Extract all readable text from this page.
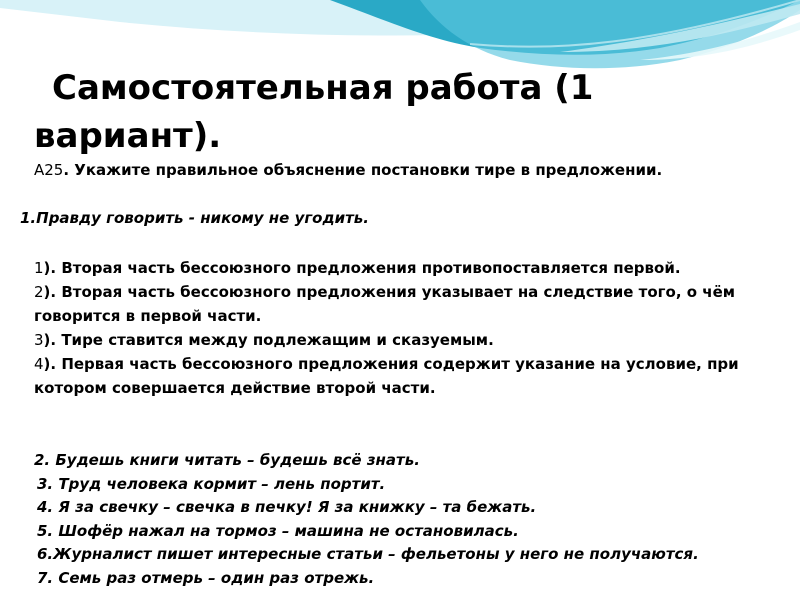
Самостоятельная работа (1
вариант).

А25. Укажите правильное объяснение постановки тире в предложении.

1.Правду говорить - никому не угодить.

1). Вторая часть бессоюзного предложения противопоставляется первой.
2). Вторая часть бессоюзного предложения указывает на следствие того, о чём говорится в первой части.
3). Тире ставится между подлежащим и сказуемым.
4). Первая часть бессоюзного предложения содержит указание на условие, при котором совершается действие второй части.
2. Будешь книги читать – будешь всё знать.
3. Труд человека кормит – лень портит.
4. Я за свечку – свечка в печку! Я за книжку – та бежать.
5. Шофёр нажал на тормоз – машина не остановилась.
6.Журналист пишет интересные статьи – фельетоны у него не получаются.
7. Семь раз отмерь – один раз отрежь.
